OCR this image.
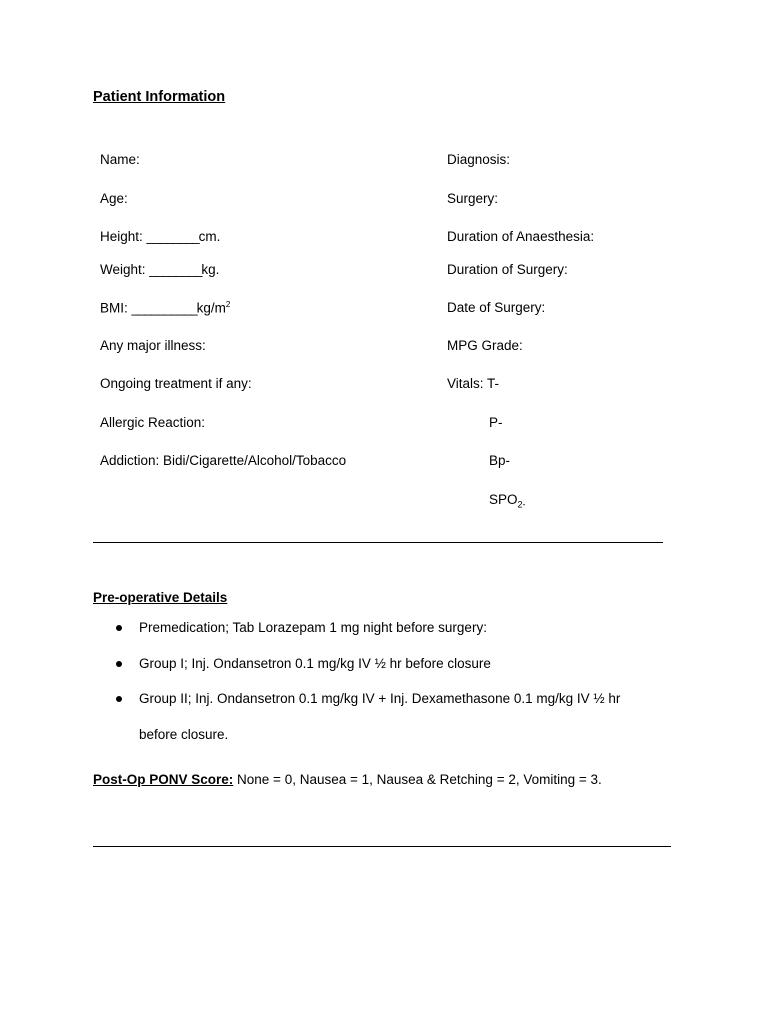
Patient Information
Name:
Age:
Height: ________cm.
Weight: ________kg.
BMI: $\_\_\_\_\_\_\_\_\_\_kg/m^2$
Any major illness:
Ongoing treatment if any:
Allergic Reaction:
Addiction: Bidi/Cigarette/Alcohol/Tobacco
Diagnosis:
Surgery:
Duration of Anaesthesia:
Duration of Surgery:
Date of Surgery:
MPG Grade:
Vitals: T-
P-
Bp-
$SPO_{2-}$
Pre-operative Details
Premedication; Tab Lorazepam 1 mg night before surgery:
Group I; Inj. Ondansetron 0.1 mg/kg IV ½ hr before closure
Group II; Inj. Ondansetron 0.1 mg/kg IV + Inj. Dexamethasone 0.1 mg/kg IV ½ hr
before closure.
Post-Op PONV Score: None = 0, Nausea = 1, Nausea & Retching = 2, Vomiting = 3.
